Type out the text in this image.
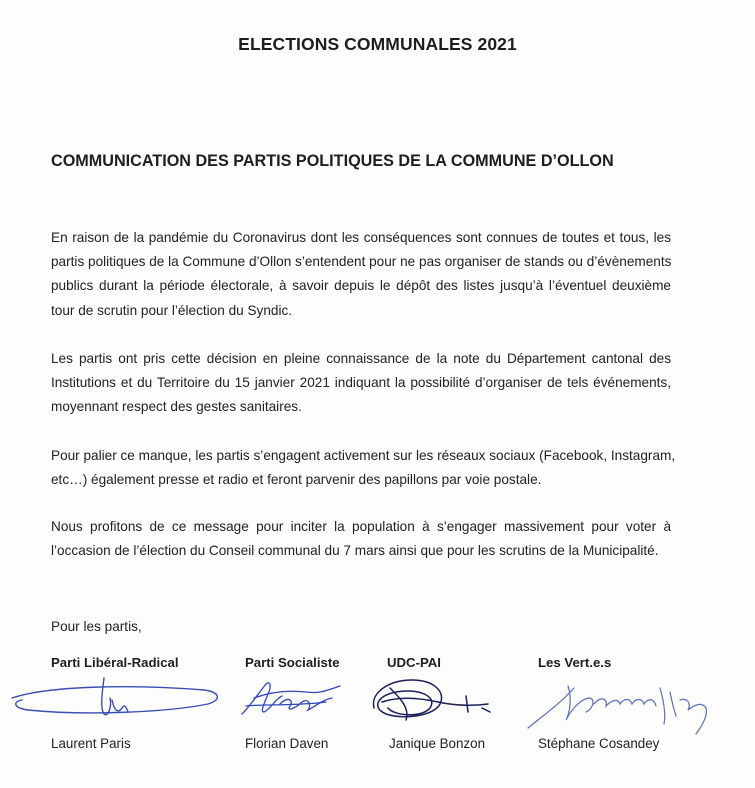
ELECTIONS COMMUNALES 2021
COMMUNICATION DES PARTIS POLITIQUES DE LA COMMUNE D’OLLON
En raison de la pandémie du Coronavirus dont les conséquences sont connues de toutes et tous, les
partis politiques de la Commune d’Ollon s’entendent pour ne pas organiser de stands ou d’évènements
publics durant la période électorale, à savoir depuis le dépôt des listes jusqu’à l’éventuel deuxième
tour de scrutin pour l’élection du Syndic.
Les partis ont pris cette décision en pleine connaissance de la note du Département cantonal des
Institutions et du Territoire du 15 janvier 2021 indiquant la possibilité d’organiser de tels événements,
moyennant respect des gestes sanitaires.
Pour palier ce manque, les partis s’engagent activement sur les réseaux sociaux (Facebook, Instagram,
etc…) également presse et radio et feront parvenir des papillons par voie postale.
Nous profitons de ce message pour inciter la population à s’engager massivement pour voter à
l’occasion de l’élection du Conseil communal du 7 mars ainsi que pour les scrutins de la Municipalité.
Pour les partis,
Parti Libéral-Radical	Parti Socialiste	UDC-PAI	Les Vert.e.s
Laurent Paris	Florian Daven	Janique Bonzon	Stéphane Cosandey
